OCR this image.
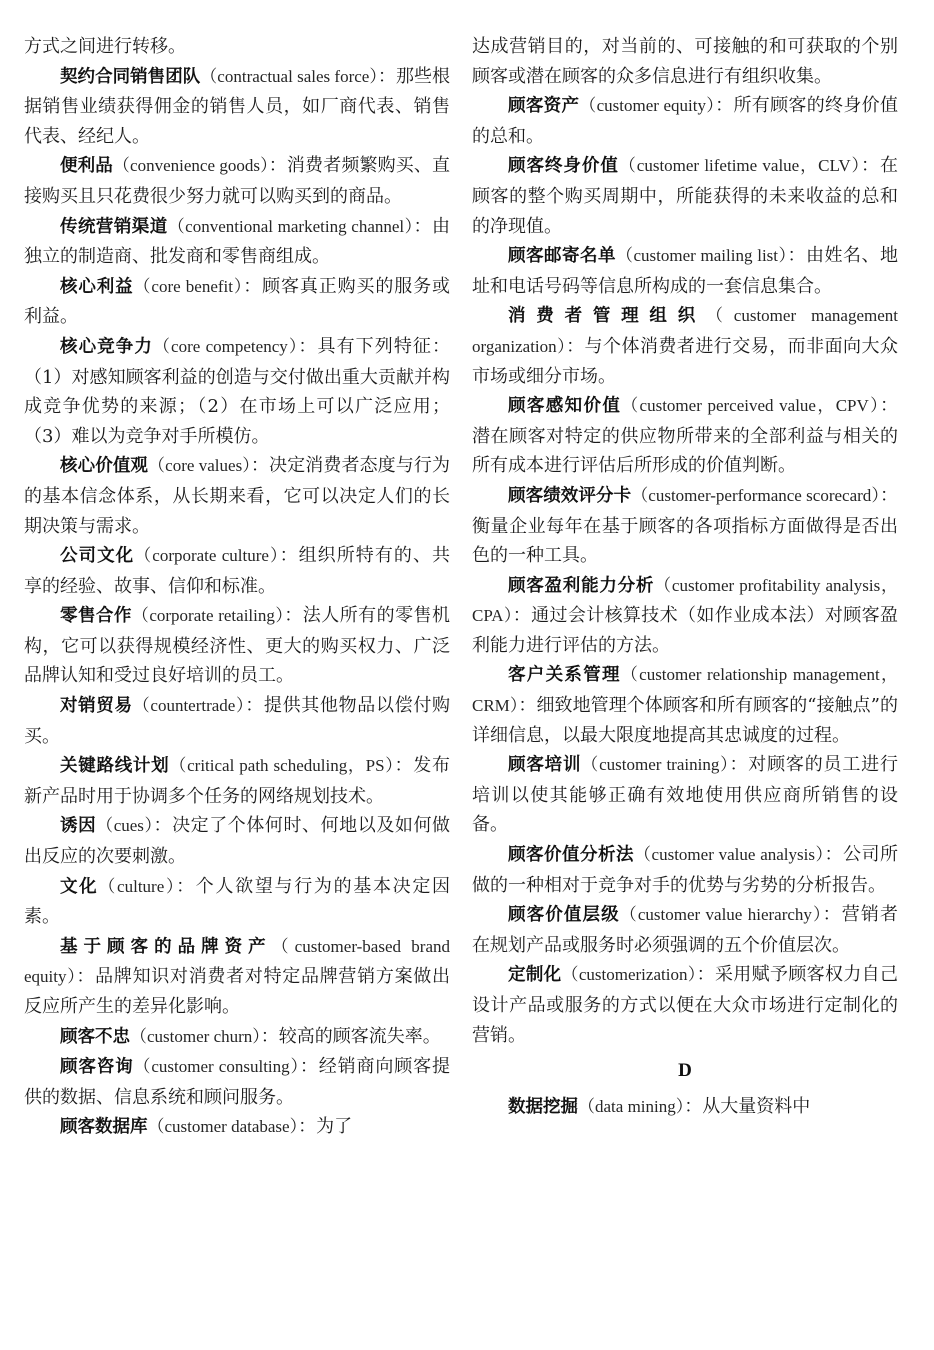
方式之间进行转移。

契约合同销售团队（contractual sales force）：那些根据销售业绩获得佣金的销售人员，如厂商代表、销售代表、经纪人。

便利品（convenience goods）：消费者频繁购买、直接购买且只花费很少努力就可以购买到的商品。

传统营销渠道（conventional marketing channel）：由独立的制造商、批发商和零售商组成。

核心利益（core benefit）：顾客真正购买的服务或利益。

核心竞争力（core competency）：具有下列特征：（1）对感知顾客利益的创造与交付做出重大贡献并构成竞争优势的来源；（2）在市场上可以广泛应用；（3）难以为竞争对手所模仿。

核心价值观（core values）：决定消费者态度与行为的基本信念体系，从长期来看，它可以决定人们的长期决策与需求。

公司文化（corporate culture）：组织所特有的、共享的经验、故事、信仰和标准。

零售合作（corporate retailing）：法人所有的零售机构，它可以获得规模经济性、更大的购买权力、广泛品牌认知和受过良好培训的员工。

对销贸易（countertrade）：提供其他物品以偿付购买。

关键路线计划（critical path scheduling，PS）：发布新产品时用于协调多个任务的网络规划技术。

诱因（cues）：决定了个体何时、何地以及如何做出反应的次要刺激。

文化（culture）：个人欲望与行为的基本决定因素。

基于顾客的品牌资产（customer-based brand equity）：品牌知识对消费者对特定品牌营销方案做出反应所产生的差异化影响。

顾客不忠（customer churn）：较高的顾客流失率。

顾客咨询（customer consulting）：经销商向顾客提供的数据、信息系统和顾问服务。

顾客数据库（customer database）：为了

达成营销目的，对当前的、可接触的和可获取的个别顾客或潜在顾客的众多信息进行有组织收集。

顾客资产（customer equity）：所有顾客的终身价值的总和。

顾客终身价值（customer lifetime value，CLV）：在顾客的整个购买周期中，所能获得的未来收益的总和的净现值。

顾客邮寄名单（customer mailing list）：由姓名、地址和电话号码等信息所构成的一套信息集合。

消费者管理组织（customer management organization）：与个体消费者进行交易，而非面向大众市场或细分市场。

顾客感知价值（customer perceived value，CPV）：潜在顾客对特定的供应物所带来的全部利益与相关的所有成本进行评估后所形成的价值判断。

顾客绩效评分卡（customer-performance scorecard）：衡量企业每年在基于顾客的各项指标方面做得是否出色的一种工具。

顾客盈利能力分析（customer profitability analysis，CPA）：通过会计核算技术（如作业成本法）对顾客盈利能力进行评估的方法。

客户关系管理（customer relationship management，CRM）：细致地管理个体顾客和所有顾客的“接触点”的详细信息，以最大限度地提高其忠诚度的过程。

顾客培训（customer training）：对顾客的员工进行培训以使其能够正确有效地使用供应商所销售的设备。

顾客价值分析法（customer value analysis）：公司所做的一种相对于竞争对手的优势与劣势的分析报告。

顾客价值层级（customer value hierarchy）：营销者在规划产品或服务时必须强调的五个价值层次。

定制化（customerization）：采用赋予顾客权力自己设计产品或服务的方式以便在大众市场进行定制化的营销。

D

数据挖掘（data mining）：从大量资料中
